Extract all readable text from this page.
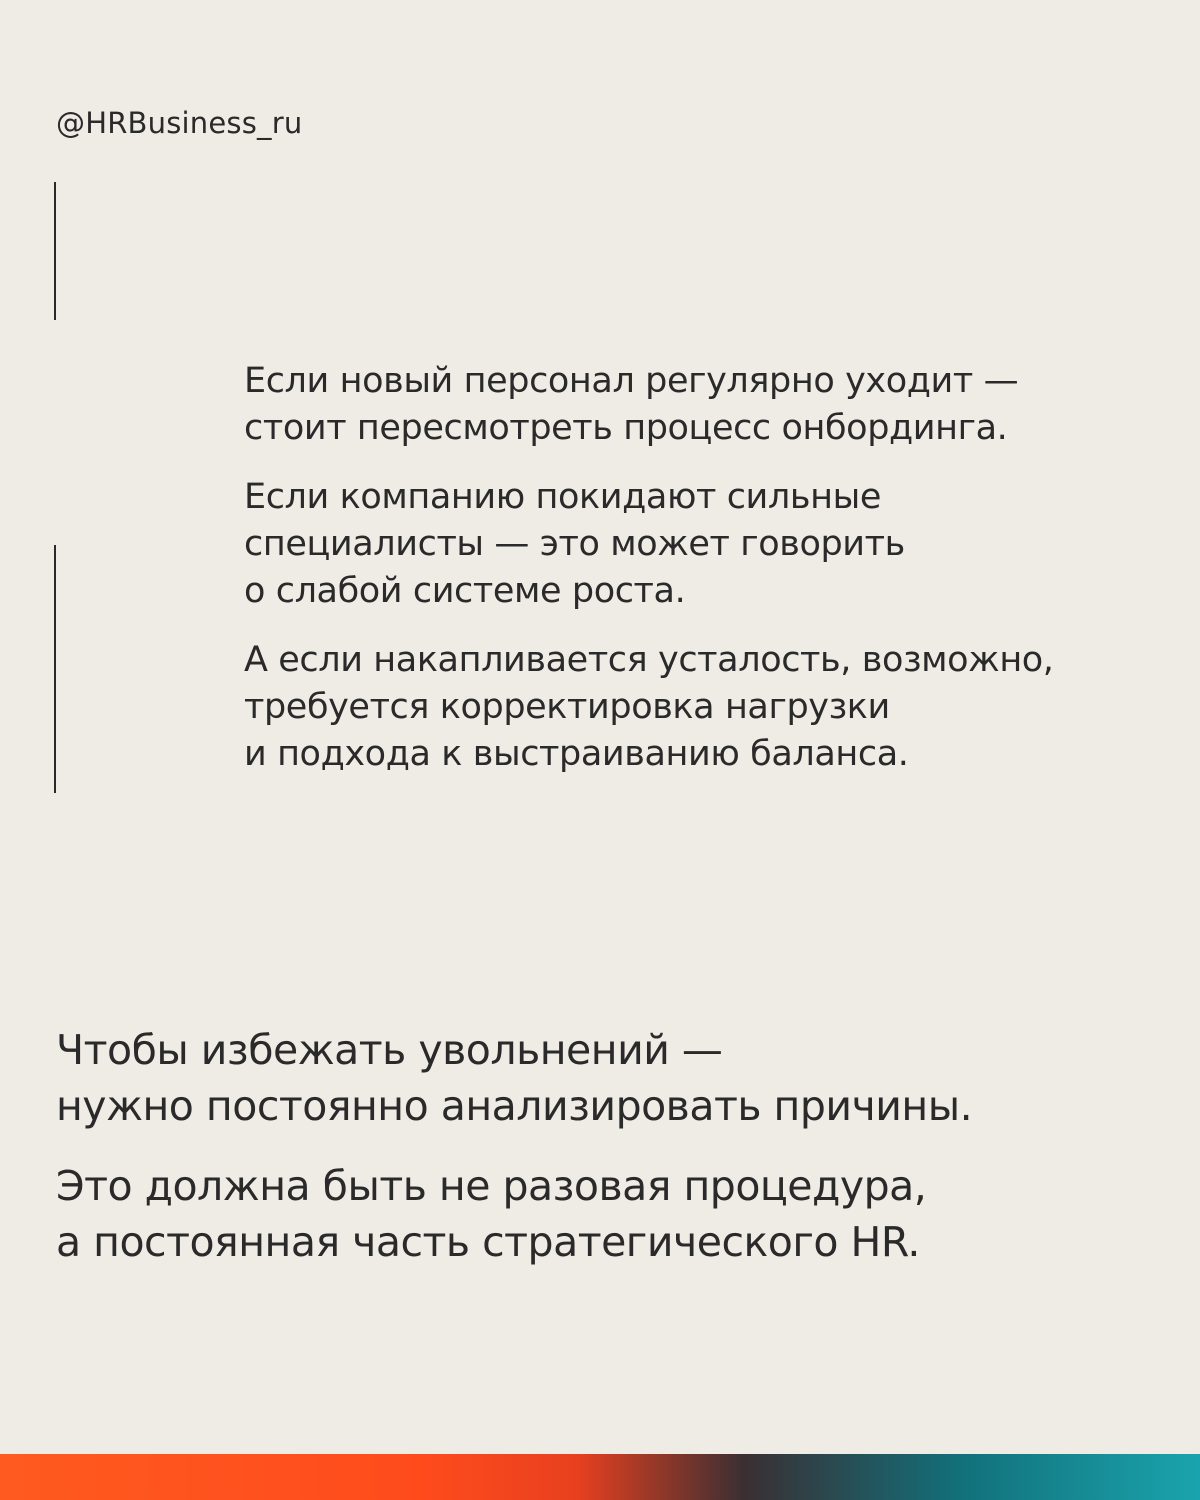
@HRBusiness_ru

Если новый персонал регулярно уходит —
стоит пересмотреть процесс онбординга.

Если компанию покидают сильные
специалисты — это может говорить
о слабой системе роста.

А если накапливается усталость, возможно,
требуется корректировка нагрузки
и подхода к выстраиванию баланса.

Чтобы избежать увольнений —
нужно постоянно анализировать причины.

Это должна быть не разовая процедура,
а постоянная часть стратегического HR.
